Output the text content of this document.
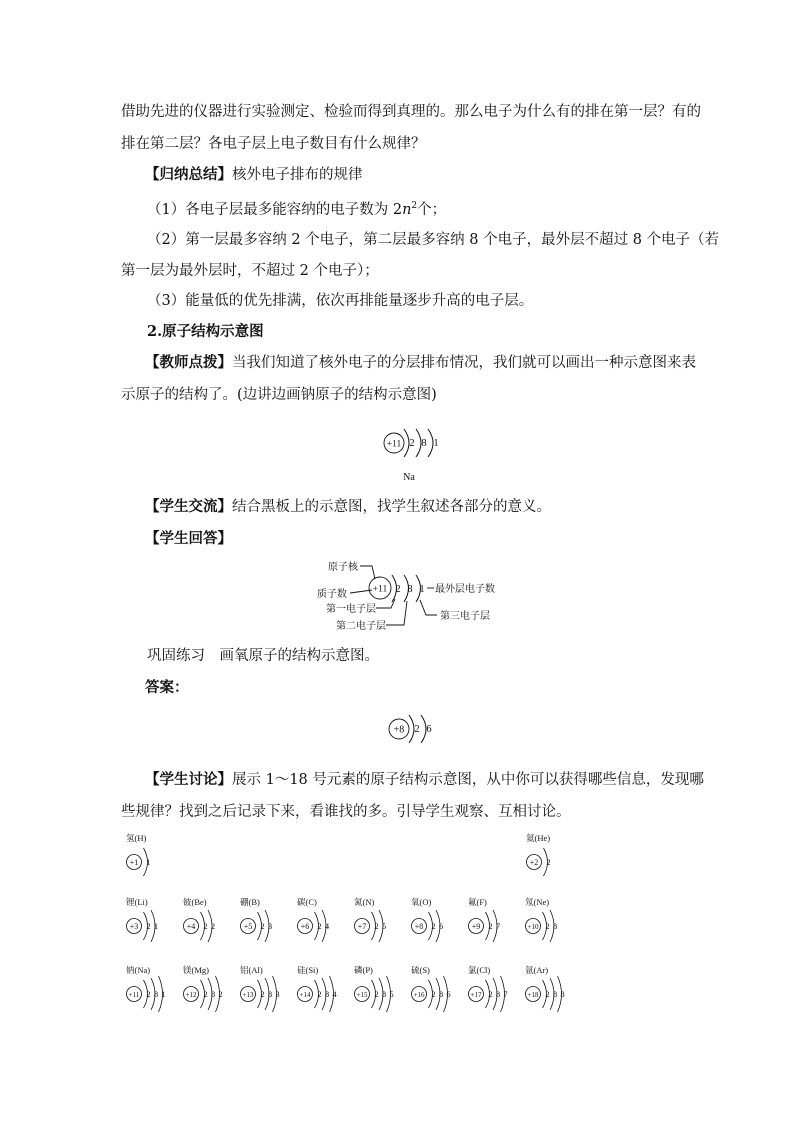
借助先进的仪器进行实验测定、检验而得到真理的。那么电子为什么有的排在第一层？有的
排在第二层？各电子层上电子数目有什么规律？
【归纳总结】核外电子排布的规律
（1）各电子层最多能容纳的电子数为 $2n^2$个；
（2）第一层最多容纳 2 个电子，第二层最多容纳 8 个电子，最外层不超过 8 个电子（若
第一层为最外层时，不超过 2 个电子）；
（3）能量低的优先排满，依次再排能量逐步升高的电子层。
2.原子结构示意图
【教师点拨】当我们知道了核外电子的分层排布情况，我们就可以画出一种示意图来表
示原子的结构了。(边讲边画钠原子的结构示意图)
+11 2 8 1
Na
【学生交流】结合黑板上的示意图，找学生叙述各部分的意义。
【学生回答】
+11 2 8 1
原子核
质子数
第一电子层
第二电子层
最外层电子数
第三电子层
巩固练习　画氧原子的结构示意图。
答案：
+8 2 6
【学生讨论】展示 1～18 号元素的原子结构示意图，从中你可以获得哪些信息，发现哪
些规律？找到之后记录下来，看谁找的多。引导学生观察、互相讨论。
氢(H)
+1 1
氦(He)
+2 2
锂(Li)
+3 2 1
铍(Be)
+4 2 2
硼(B)
+5 2 3
碳(C)
+6 2 4
氮(N)
+7 2 5
氧(O)
+8 2 6
氟(F)
+9 2 7
氖(Ne)
+10 2 8
钠(Na)
+11 2 8 1
镁(Mg)
+12 2 8 2
铝(Al)
+13 2 8 3
硅(Si)
+14 2 8 4
磷(P)
+15 2 8 5
硫(S)
+16 2 8 6
氯(Cl)
+17 2 8 7
氩(Ar)
+18 2 8 8
